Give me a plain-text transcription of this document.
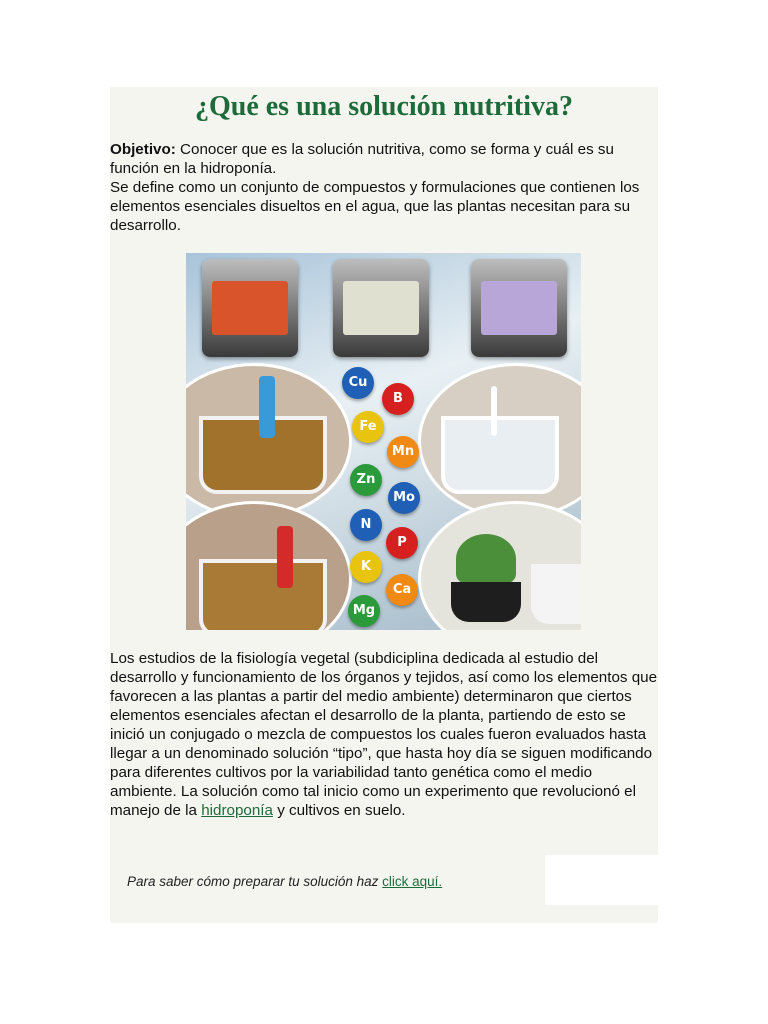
¿Qué es una solución nutritiva?
Objetivo: Conocer que es la solución nutritiva, como se forma y cuál es su función en la hidroponía.
Se define como un conjunto de compuestos y formulaciones que contienen los elementos esenciales disueltos en el agua, que las plantas necesitan para su desarrollo.
Cu
B
Fe
Mn
Zn
Mo
N
P
K
Ca
Mg
Los estudios de la fisiología vegetal (subdiciplina dedicada al estudio del desarrollo y funcionamiento de los órganos y tejidos, así como los elementos que favorecen a las plantas a partir del medio ambiente) determinaron que ciertos elementos esenciales afectan el desarrollo de la planta, partiendo de esto se inició un conjugado o mezcla de compuestos los cuales fueron evaluados hasta llegar a un denominado solución “tipo”, que hasta hoy día se siguen modificando para diferentes cultivos por la variabilidad tanto genética como el medio ambiente. La solución como tal inicio como un experimento que revolucionó el manejo de la hidroponía y cultivos en suelo.
Para saber cómo preparar tu solución haz click aquí.
